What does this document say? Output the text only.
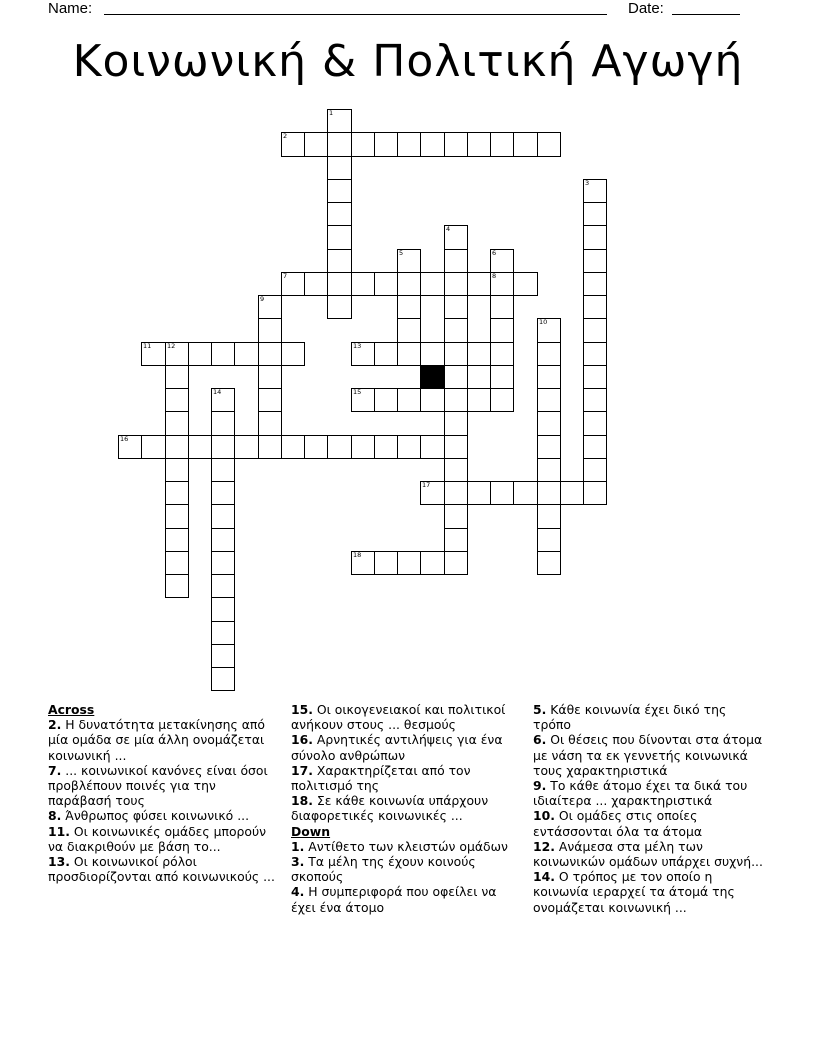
Name:	Date:
Κοινωνική & Πολιτική Αγωγή
1
2
3
4
5	6
8
7
9
10
11 12	13
14	15
16
17
18
Across
2. Η δυνατότητα μετακίνησης από μία ομάδα σε μία άλλη ονομάζεται κοινωνική ...
7. ... κοινωνικοί κανόνες είναι όσοι προβλέπουν ποινές για την παράβασή τους
8. Άνθρωπος φύσει κοινωνικό ...
11. Οι κοινωνικές ομάδες μπορούν να διακριθούν με βάση το...
13. Οι κοινωνικοί ρόλοι προσδιορίζονται από κοινωνικούς ...
15. Οι οικογενειακοί και πολιτικοί ανήκουν στους ... θεσμούς
16. Αρνητικές αντιλήψεις για ένα σύνολο ανθρώπων
17. Χαρακτηρίζεται από τον πολιτισμό της
18. Σε κάθε κοινωνία υπάρχουν διαφορετικές κοινωνικές ...
Down
1. Αντίθετο των κλειστών ομάδων
3. Τα μέλη της έχουν κοινούς σκοπούς
4. Η συμπεριφορά που οφείλει να έχει ένα άτομο
5. Κάθε κοινωνία έχει δικό της τρόπο
6. Οι θέσεις που δίνονται στα άτομα με νάση τα εκ γεννετής κοινωνικά τους χαρακτηριστικά
9. Το κάθε άτομο έχει τα δικά του ιδιαίτερα ... χαρακτηριστικά
10. Οι ομάδες στις οποίες εντάσσονται όλα τα άτομα
12. Ανάμεσα στα μέλη των κοινωνικών ομάδων υπάρχει συχνή...
14. Ο τρόπος με τον οποίο η κοινωνία ιεραρχεί τα άτομά της ονομάζεται κοινωνική ...
